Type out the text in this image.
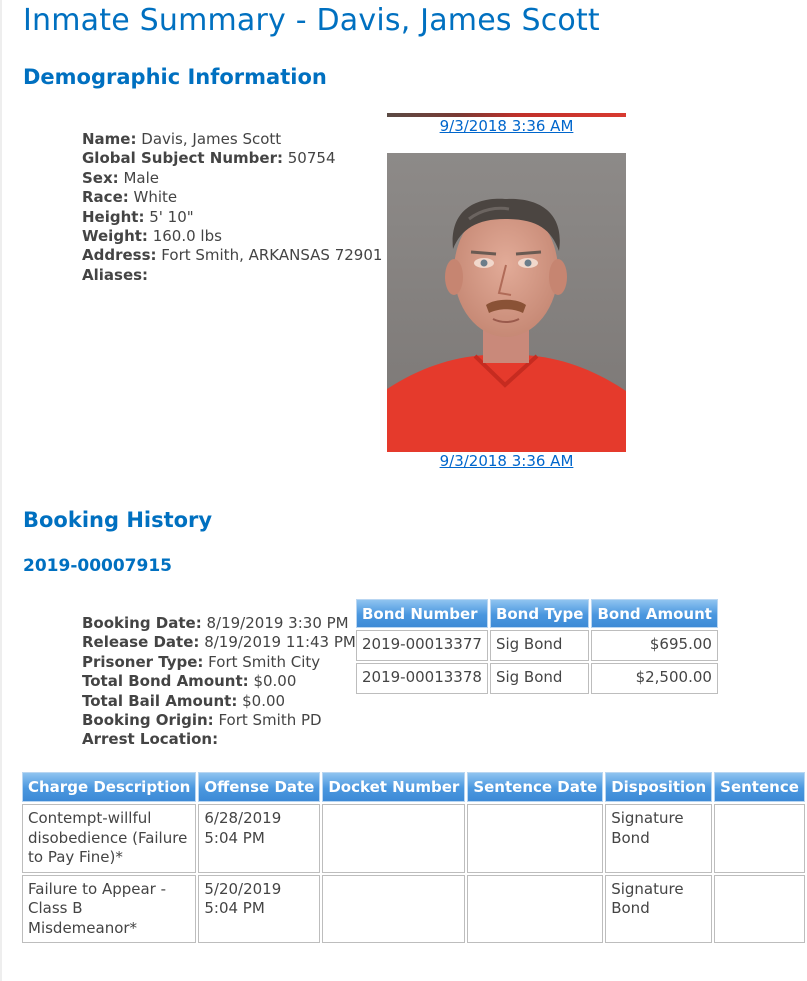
Inmate Summary - Davis, James Scott
Demographic Information
Name: Davis, James Scott
Global Subject Number: 50754
Sex: Male
Race: White
Height: 5' 10"
Weight: 160.0 lbs
Address: Fort Smith, ARKANSAS 72901
Aliases:
9/3/2018 3:36 AM
9/3/2018 3:36 AM
Booking History
2019-00007915
Booking Date: 8/19/2019 3:30 PM
Release Date: 8/19/2019 11:43 PM
Prisoner Type: Fort Smith City
Total Bond Amount: $0.00
Total Bail Amount: $0.00
Booking Origin: Fort Smith PD
Arrest Location:
Bond Number	Bond Type	Bond Amount
2019-00013377	Sig Bond	$695.00
2019-00013378	Sig Bond	$2,500.00
Charge Description	Offense Date	Docket Number	Sentence Date	Disposition	Sentence
Contempt-willful disobedience (Failure to Pay Fine)*	6/28/2019 5:04 PM			Signature Bond	
Failure to Appear - Class B Misdemeanor*	5/20/2019 5:04 PM			Signature Bond	
